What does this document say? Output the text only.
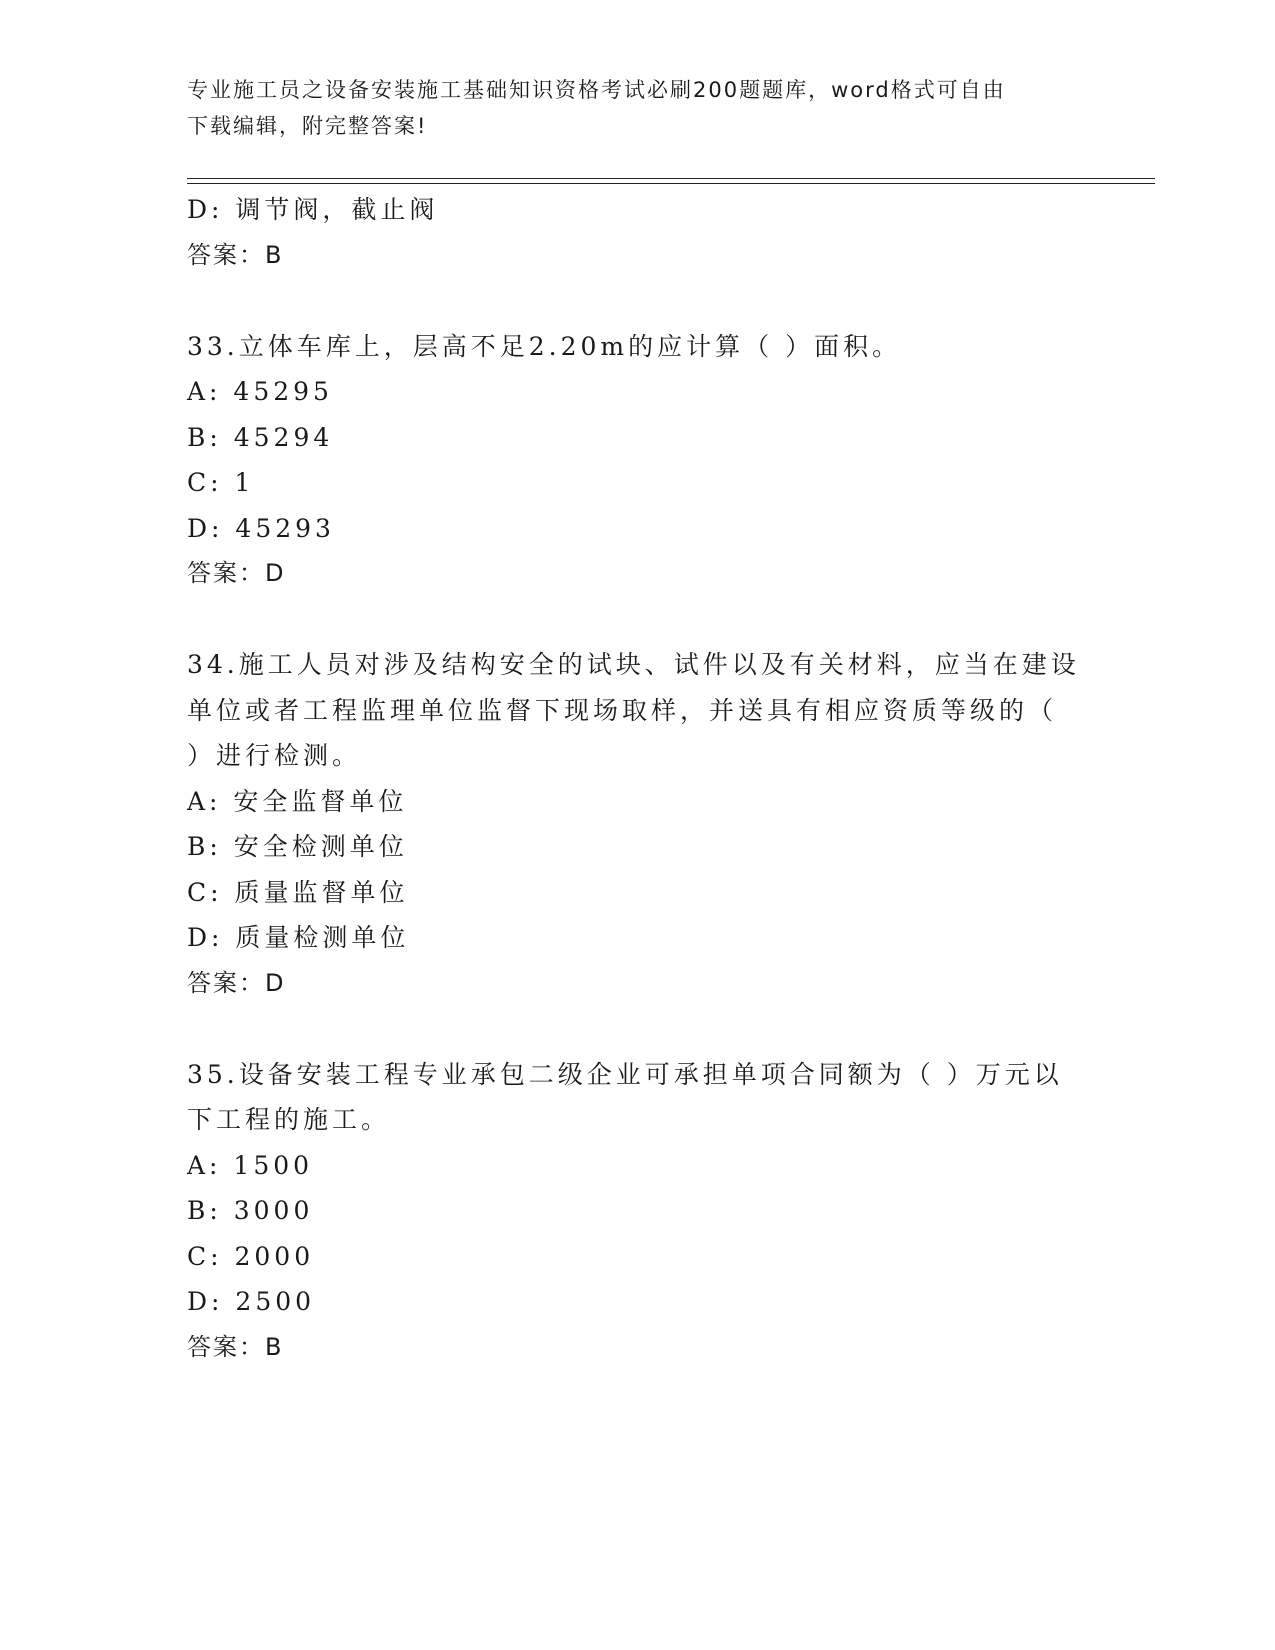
专业施工员之设备安装施工基础知识资格考试必刷200题题库，word格式可自由
下载编辑，附完整答案!
D: 调节阀，截止阀
答案：B
33.立体车库上，层高不足2.20m的应计算（ ）面积。
A: 45295
B: 45294
C: 1
D: 45293
答案：D
34.施工人员对涉及结构安全的试块、试件以及有关材料，应当在建设
单位或者工程监理单位监督下现场取样，并送具有相应资质等级的（
）进行检测。
A: 安全监督单位
B: 安全检测单位
C: 质量监督单位
D: 质量检测单位
答案：D
35.设备安装工程专业承包二级企业可承担单项合同额为（ ）万元以
下工程的施工。
A: 1500
B: 3000
C: 2000
D: 2500
答案：B
